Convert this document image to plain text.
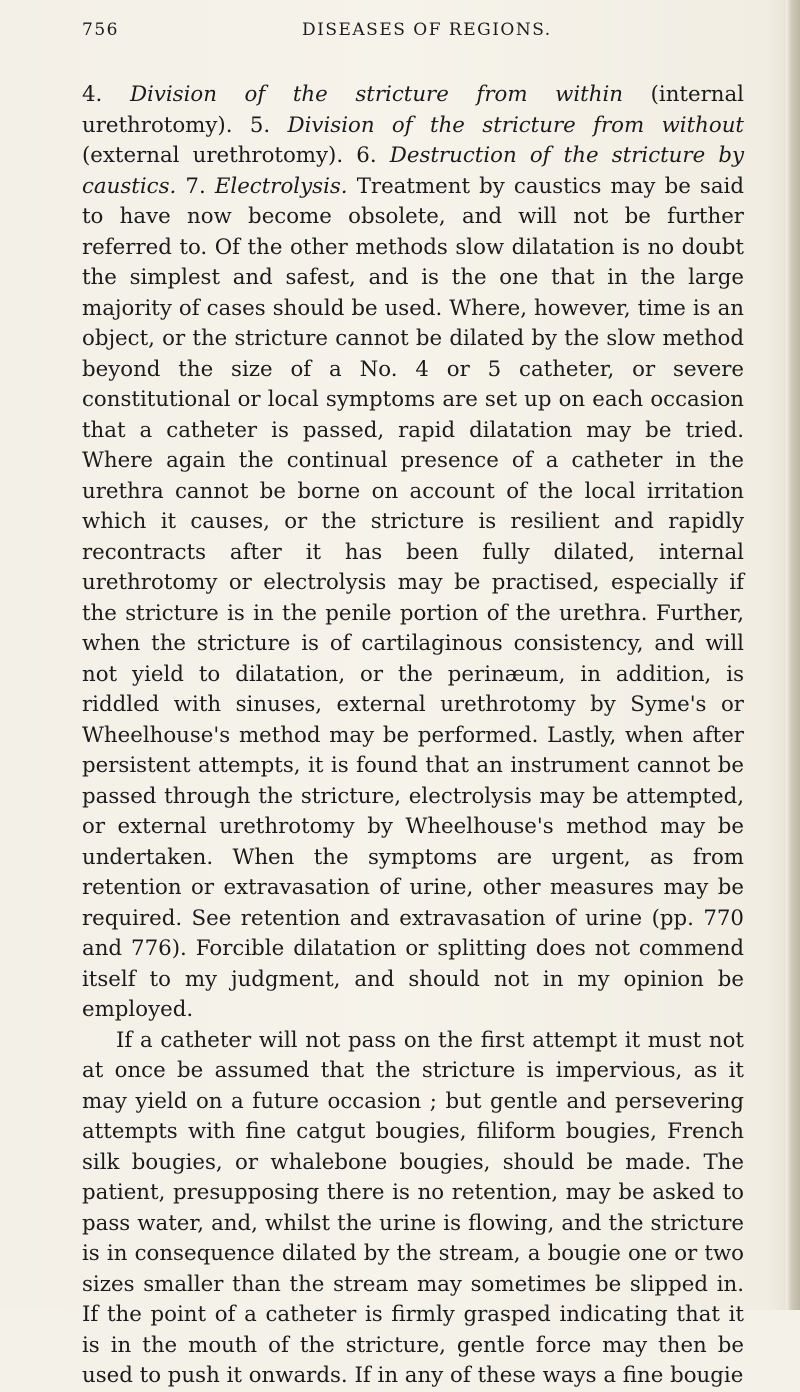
756	DISEASES OF REGIONS.

4. Division of the stricture from within (internal urethrotomy). 5. Division of the stricture from without (external urethrotomy). 6. Destruction of the stricture by caustics. 7. Electrolysis. Treatment by caustics may be said to have now become obsolete, and will not be further referred to. Of the other methods slow dilatation is no doubt the simplest and safest, and is the one that in the large majority of cases should be used. Where, however, time is an object, or the stricture cannot be dilated by the slow method beyond the size of a No. 4 or 5 catheter, or severe constitutional or local symptoms are set up on each occasion that a catheter is passed, rapid dilatation may be tried. Where again the continual presence of a catheter in the urethra cannot be borne on account of the local irritation which it causes, or the stricture is resilient and rapidly recontracts after it has been fully dilated, internal urethrotomy or electrolysis may be practised, especially if the stricture is in the penile portion of the urethra. Further, when the stricture is of cartilaginous consistency, and will not yield to dilatation, or the perinæum, in addition, is riddled with sinuses, external urethrotomy by Syme's or Wheelhouse's method may be performed. Lastly, when after persistent attempts, it is found that an instrument cannot be passed through the stricture, electrolysis may be attempted, or external urethrotomy by Wheelhouse's method may be undertaken. When the symptoms are urgent, as from retention or extravasation of urine, other measures may be required. See retention and extravasation of urine (pp. 770 and 776). Forcible dilatation or splitting does not commend itself to my judgment, and should not in my opinion be employed.

If a catheter will not pass on the first attempt it must not at once be assumed that the stricture is impervious, as it may yield on a future occasion ; but gentle and persevering attempts with fine catgut bougies, filiform bougies, French silk bougies, or whalebone bougies, should be made. The patient, presupposing there is no retention, may be asked to pass water, and, whilst the urine is flowing, and the stricture is in consequence dilated by the stream, a bougie one or two sizes smaller than the stream may sometimes be slipped in. If the point of a catheter is firmly grasped indicating that it is in the mouth of the stricture, gentle force may then be used to push it onwards. If in any of these ways a fine bougie
